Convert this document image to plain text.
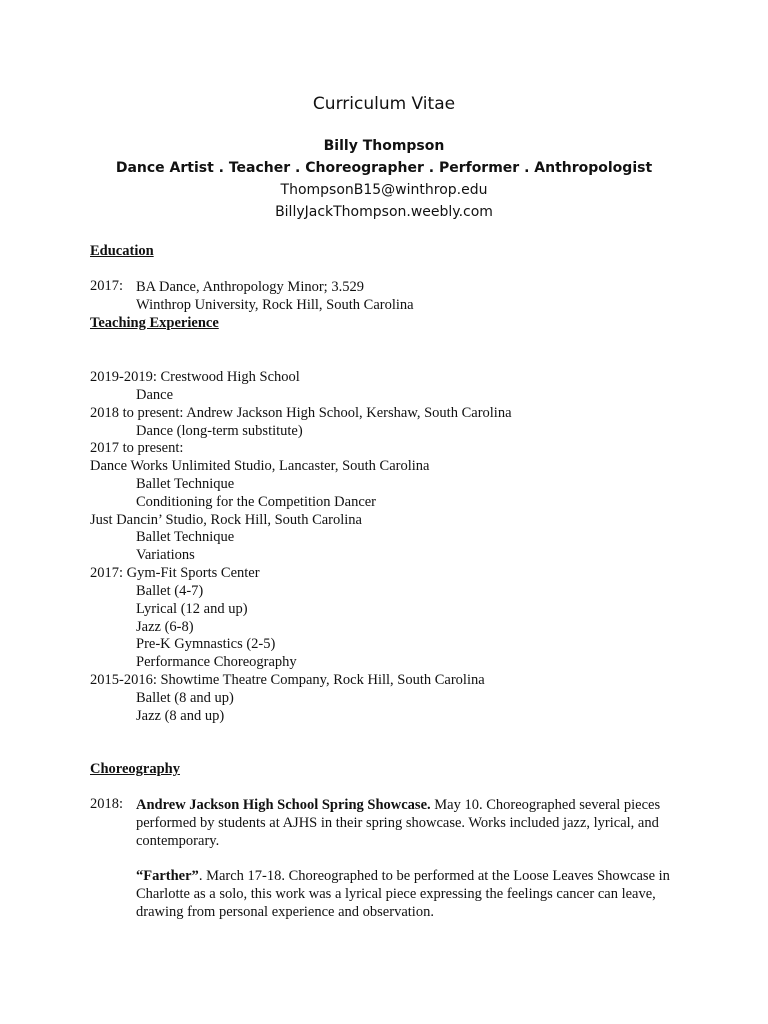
Curriculum Vitae
Billy Thompson
Dance Artist . Teacher . Choreographer . Performer . Anthropologist
ThompsonB15@winthrop.edu
BillyJackThompson.weebly.com
Education
2017: BA Dance, Anthropology Minor; 3.529
Winthrop University, Rock Hill, South Carolina
Teaching Experience
2019-2019: Crestwood High School
Dance
2018 to present: Andrew Jackson High School, Kershaw, South Carolina
Dance (long-term substitute)
2017 to present:
Dance Works Unlimited Studio, Lancaster, South Carolina
Ballet Technique
Conditioning for the Competition Dancer
Just Dancin’ Studio, Rock Hill, South Carolina
Ballet Technique
Variations
2017: Gym-Fit Sports Center
Ballet (4-7)
Lyrical (12 and up)
Jazz (6-8)
Pre-K Gymnastics (2-5)
Performance Choreography
2015-2016: Showtime Theatre Company, Rock Hill, South Carolina
Ballet (8 and up)
Jazz (8 and up)
Choreography
2018: Andrew Jackson High School Spring Showcase. May 10. Choreographed several pieces performed by students at AJHS in their spring showcase. Works included jazz, lyrical, and contemporary.
“Farther”. March 17-18. Choreographed to be performed at the Loose Leaves Showcase in Charlotte as a solo, this work was a lyrical piece expressing the feelings cancer can leave, drawing from personal experience and observation.
